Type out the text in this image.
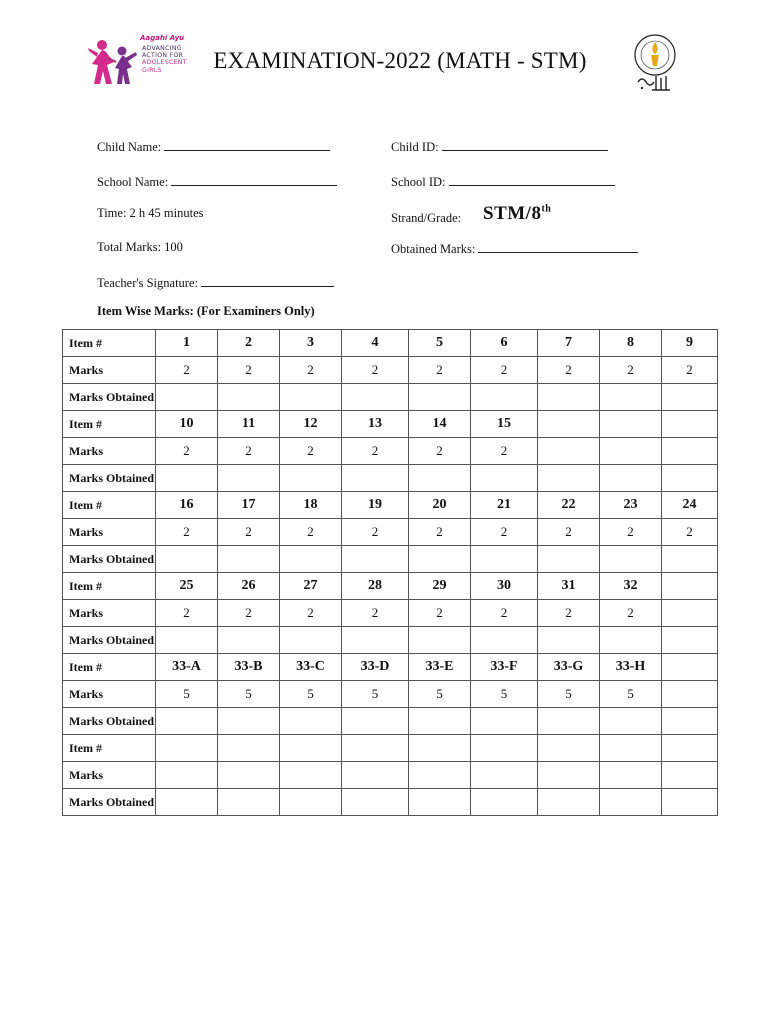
Aagahi Ayu
ADVANCING
ACTION FOR
ADOLESCENT
GIRLS	EXAMINATION-2022 (MATH - STM)
Child Name:	Child ID:
School Name:	School ID:
Time: 2 h 45 minutes	Strand/Grade: STM/8th
Total Marks: 100	Obtained Marks:
Teacher's Signature:
Item Wise Marks: (For Examiners Only)
Item #	1	2	3	4	5	6	7	8	9
Marks	2	2	2	2	2	2	2	2	2
Marks Obtained									
Item #	10	11	12	13	14	15			
Marks	2	2	2	2	2	2			
Marks Obtained									
Item #	16	17	18	19	20	21	22	23	24
Marks	2	2	2	2	2	2	2	2	2
Marks Obtained									
Item #	25	26	27	28	29	30	31	32	
Marks	2	2	2	2	2	2	2	2	
Marks Obtained									
Item #	33-A	33-B	33-C	33-D	33-E	33-F	33-G	33-H	
Marks	5	5	5	5	5	5	5	5	
Marks Obtained									
Item #									
Marks									
Marks Obtained									
